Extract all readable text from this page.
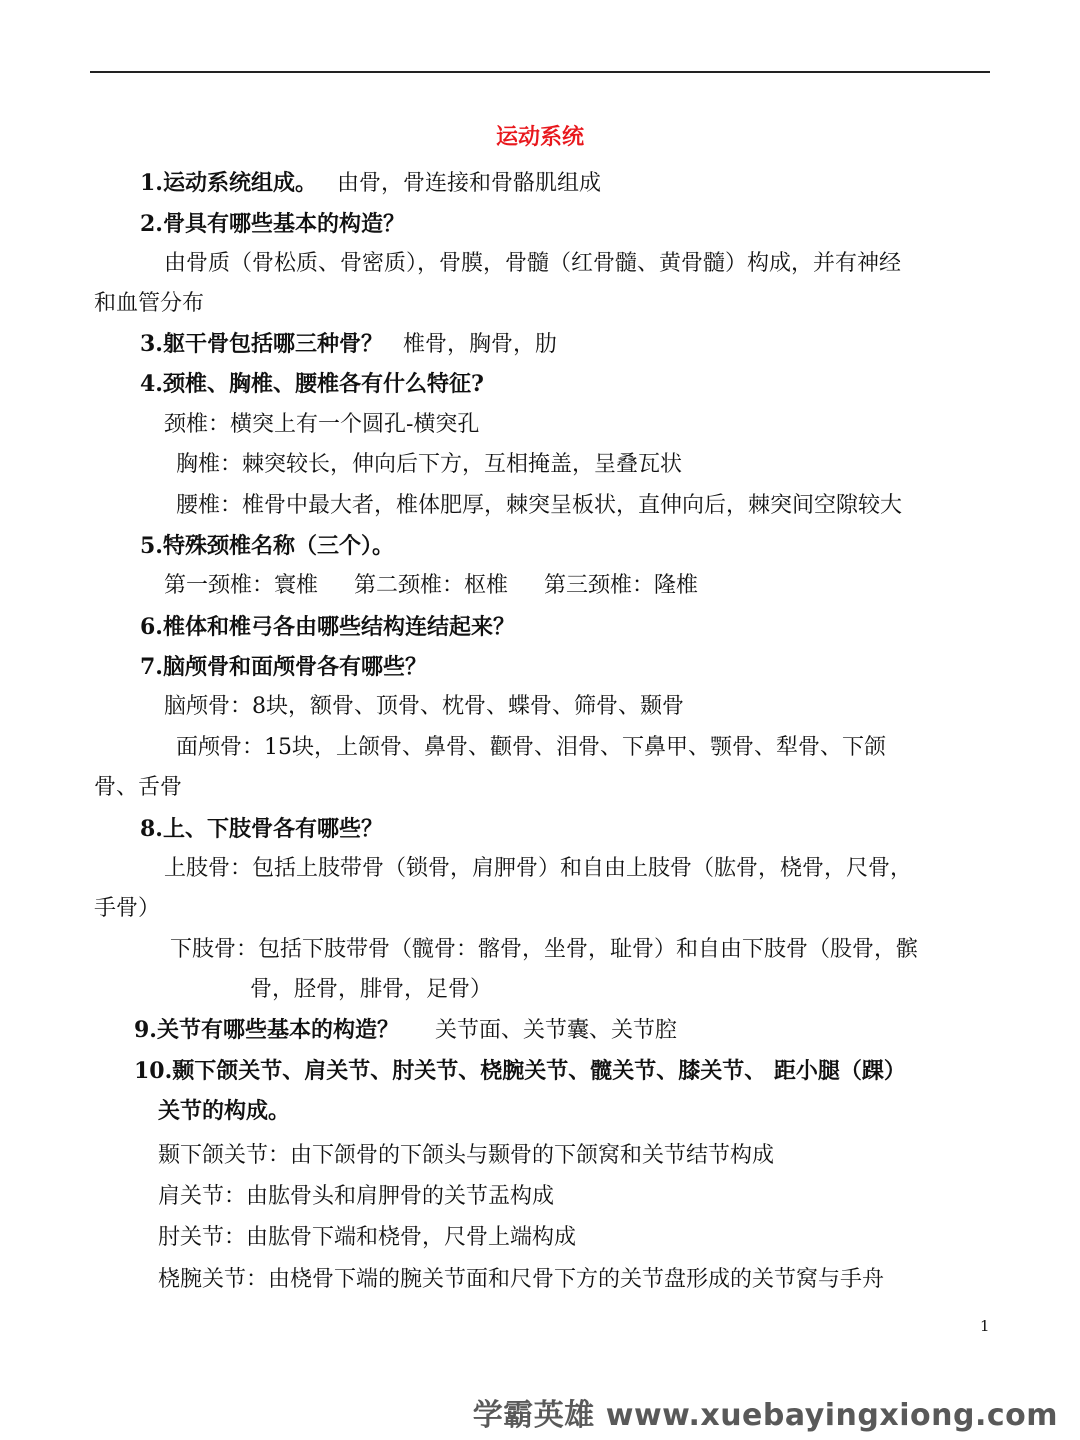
运动系统
1.运动系统组成。 由骨，骨连接和骨骼肌组成
2.骨具有哪些基本的构造？
由骨质（骨松质、骨密质），骨膜，骨髓（红骨髓、黄骨髓）构成，并有神经
和血管分布
3.躯干骨包括哪三种骨？ 椎骨，胸骨，肋
4.颈椎、胸椎、腰椎各有什么特征?
颈椎：横突上有一个圆孔-横突孔
胸椎：棘突较长，伸向后下方，互相掩盖，呈叠瓦状
腰椎：椎骨中最大者，椎体肥厚，棘突呈板状，直伸向后，棘突间空隙较大
5.特殊颈椎名称（三个）。
第一颈椎：寰椎 第二颈椎：枢椎 第三颈椎：隆椎
6.椎体和椎弓各由哪些结构连结起来？
7.脑颅骨和面颅骨各有哪些？
脑颅骨：8块，额骨、顶骨、枕骨、蝶骨、筛骨、颞骨
面颅骨：15块，上颌骨、鼻骨、颧骨、泪骨、下鼻甲、颚骨、犁骨、下颌
骨、舌骨
8.上、下肢骨各有哪些？
上肢骨：包括上肢带骨（锁骨，肩胛骨）和自由上肢骨（肱骨，桡骨，尺骨，
手骨）
下肢骨：包括下肢带骨（髋骨：髂骨，坐骨，耻骨）和自由下肢骨（股骨，髌
骨，胫骨，腓骨，足骨）
9.关节有哪些基本的构造？ 关节面、关节囊、关节腔
10.颞下颌关节、肩关节、肘关节、桡腕关节、髋关节、膝关节、 距小腿（踝）
关节的构成。
颞下颌关节：由下颌骨的下颌头与颞骨的下颌窝和关节结节构成
肩关节：由肱骨头和肩胛骨的关节盂构成
肘关节：由肱骨下端和桡骨，尺骨上端构成
桡腕关节：由桡骨下端的腕关节面和尺骨下方的关节盘形成的关节窝与手舟
1
学霸英雄 www.xuebayingxiong.com
